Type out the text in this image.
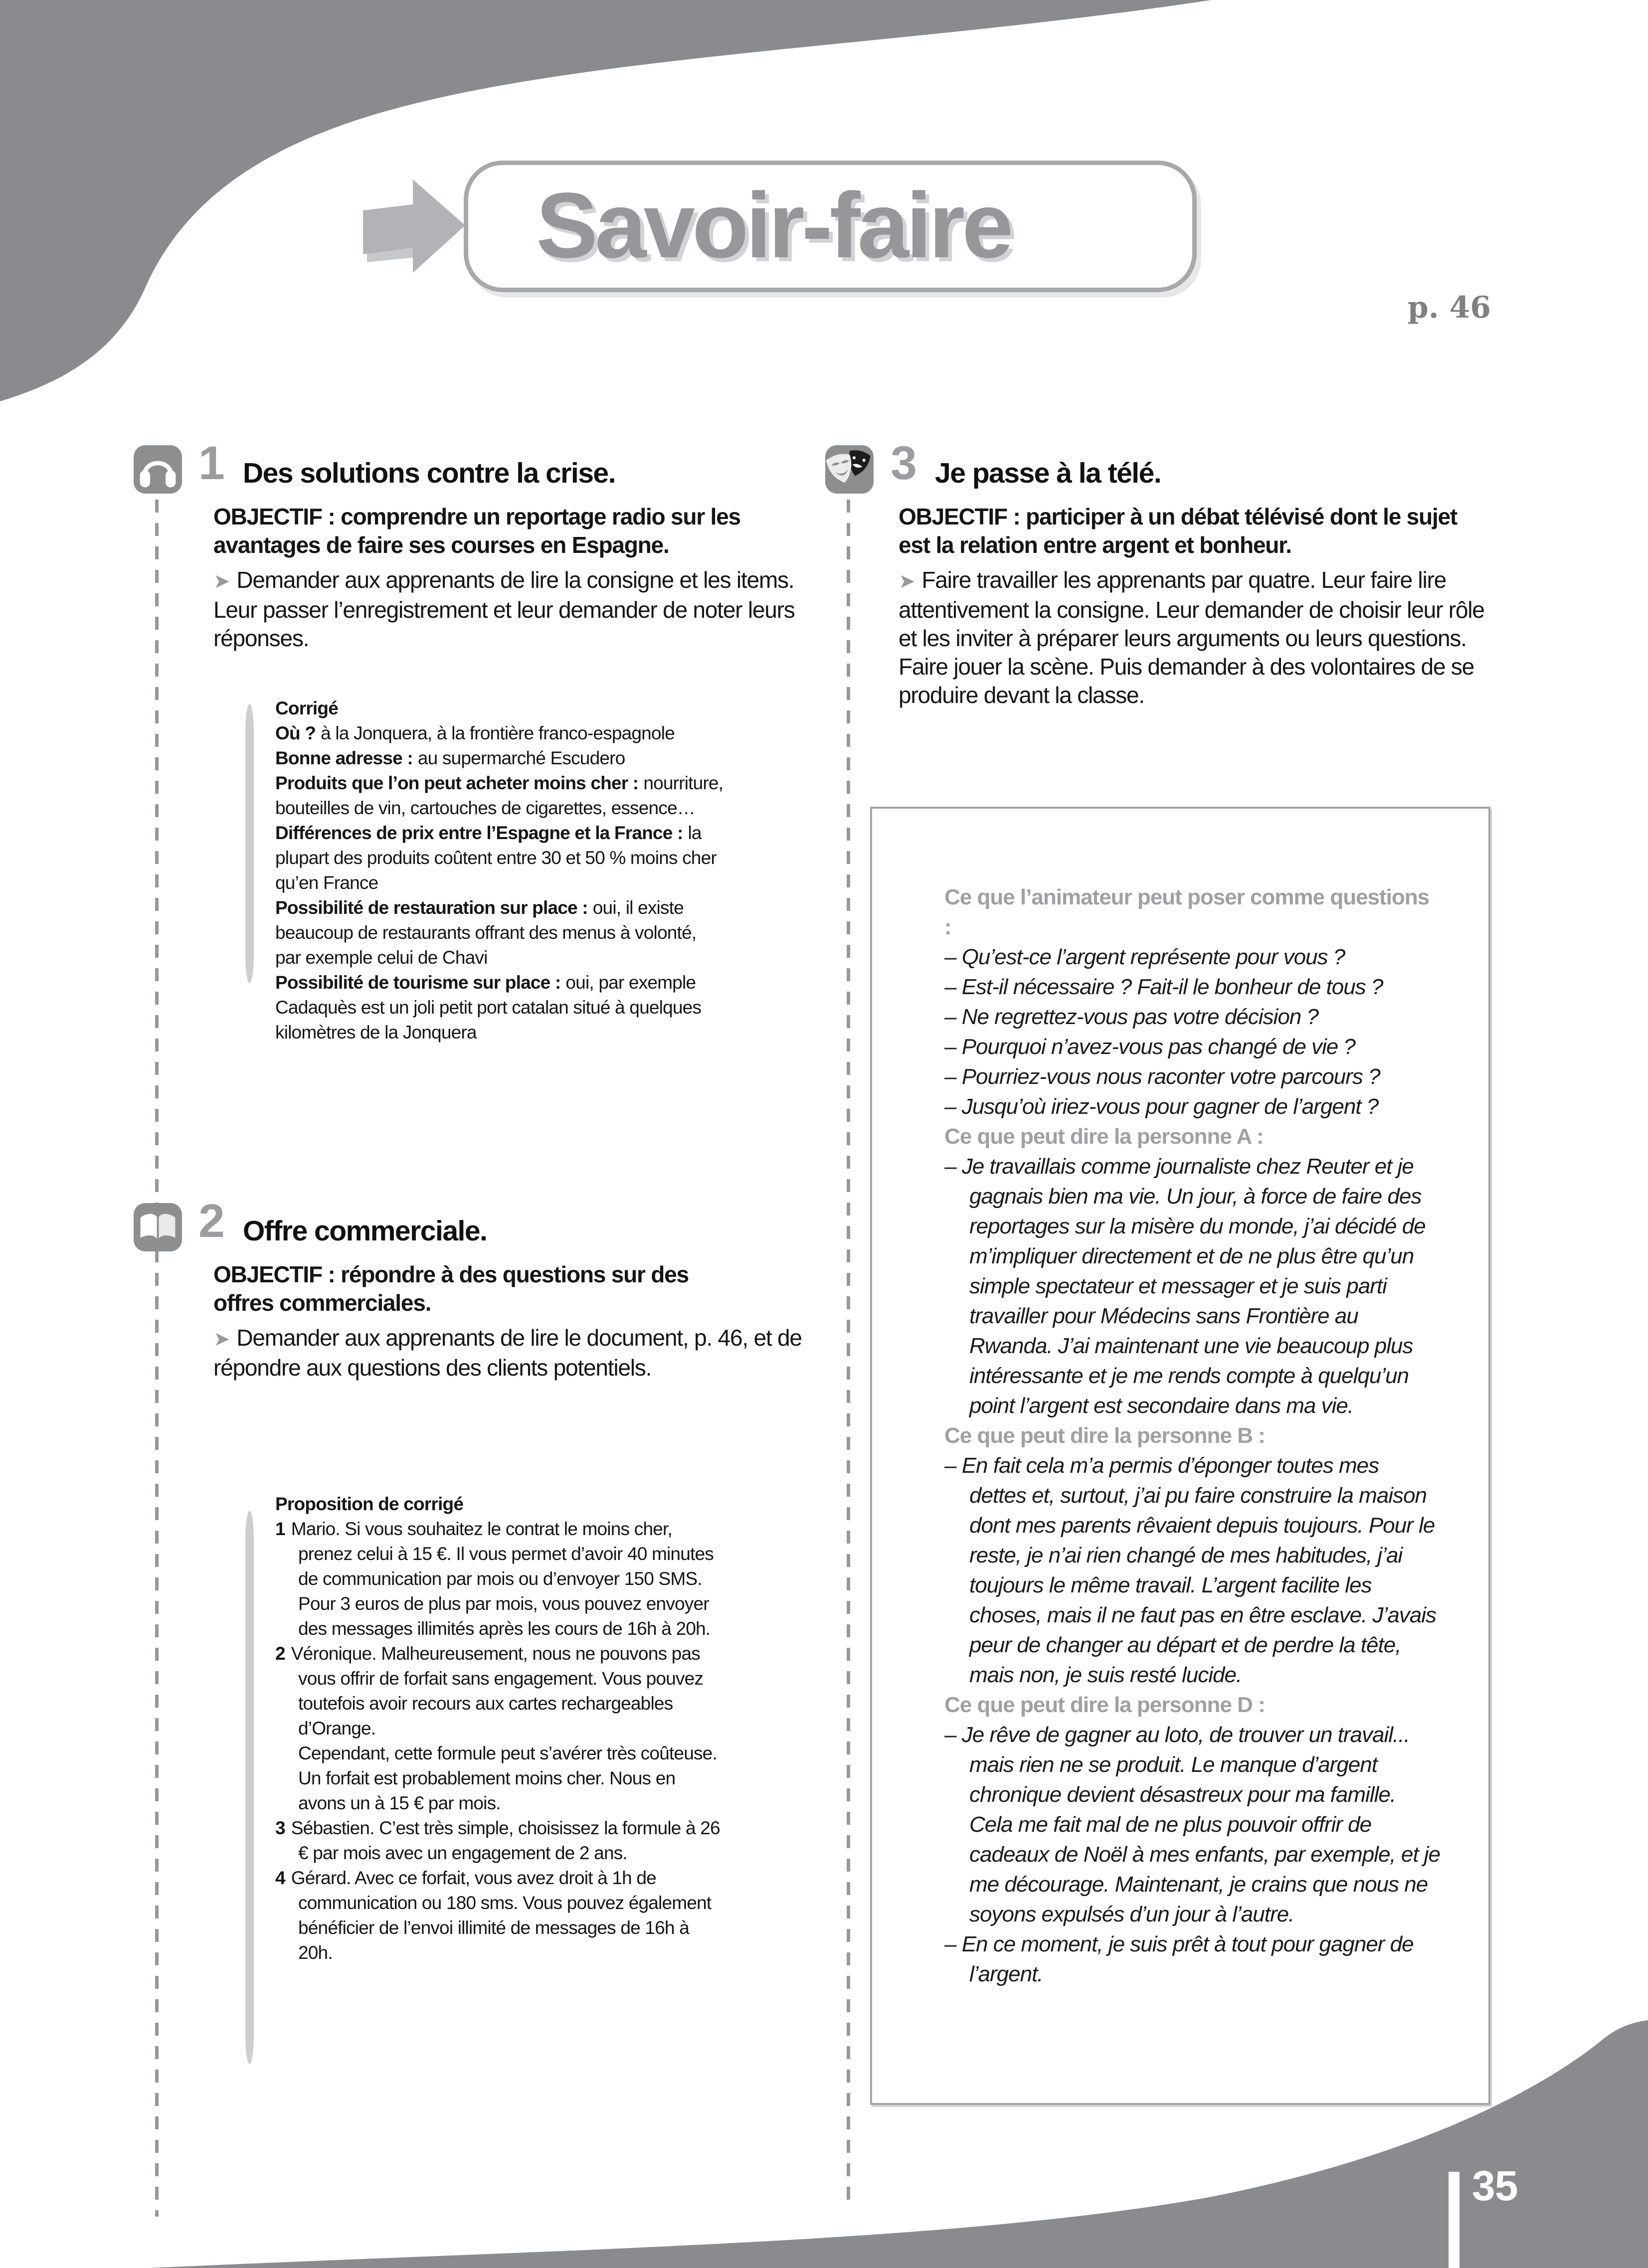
Savoir-faire
p. 46
1 Des solutions contre la crise.
OBJECTIF : comprendre un reportage radio sur les avantages de faire ses courses en Espagne.
➤ Demander aux apprenants de lire la consigne et les items. Leur passer l’enregistrement et leur demander de noter leurs réponses.
Corrigé
Où ? à la Jonquera, à la frontière franco-espagnole
Bonne adresse : au supermarché Escudero
Produits que l’on peut acheter moins cher : nourriture, bouteilles de vin, cartouches de cigarettes, essence…
Différences de prix entre l’Espagne et la France : la plupart des produits coûtent entre 30 et 50 % moins cher qu’en France
Possibilité de restauration sur place : oui, il existe beaucoup de restaurants offrant des menus à volonté, par exemple celui de Chavi
Possibilité de tourisme sur place : oui, par exemple Cadaquès est un joli petit port catalan situé à quelques kilomètres de la Jonquera
2 Offre commerciale.
OBJECTIF : répondre à des questions sur des offres commerciales.
➤ Demander aux apprenants de lire le document, p. 46, et de répondre aux questions des clients potentiels.
Proposition de corrigé
1 Mario. Si vous souhaitez le contrat le moins cher, prenez celui à 15 €. Il vous permet d’avoir 40 minutes de communication par mois ou d’envoyer 150 SMS. Pour 3 euros de plus par mois, vous pouvez envoyer des messages illimités après les cours de 16h à 20h.
2 Véronique. Malheureusement, nous ne pouvons pas vous offrir de forfait sans engagement. Vous pouvez toutefois avoir recours aux cartes rechargeables d’Orange.
Cependant, cette formule peut s’avérer très coûteuse. Un forfait est probablement moins cher. Nous en avons un à 15 € par mois.
3 Sébastien. C’est très simple, choisissez la formule à 26 € par mois avec un engagement de 2 ans.
4 Gérard. Avec ce forfait, vous avez droit à 1h de communication ou 180 sms. Vous pouvez également bénéficier de l’envoi illimité de messages de 16h à 20h.
3 Je passe à la télé.
OBJECTIF : participer à un débat télévisé dont le sujet est la relation entre argent et bonheur.
➤ Faire travailler les apprenants par quatre. Leur faire lire attentivement la consigne. Leur demander de choisir leur rôle et les inviter à préparer leurs arguments ou leurs questions. Faire jouer la scène. Puis demander à des volontaires de se produire devant la classe.
Ce que l’animateur peut poser comme questions :
– Qu’est-ce l’argent représente pour vous ?
– Est-il nécessaire ? Fait-il le bonheur de tous ?
– Ne regrettez-vous pas votre décision ?
– Pourquoi n’avez-vous pas changé de vie ?
– Pourriez-vous nous raconter votre parcours ?
– Jusqu’où iriez-vous pour gagner de l’argent ?
Ce que peut dire la personne A :
– Je travaillais comme journaliste chez Reuter et je gagnais bien ma vie. Un jour, à force de faire des reportages sur la misère du monde, j’ai décidé de m’impliquer directement et de ne plus être qu’un simple spectateur et messager et je suis parti travailler pour Médecins sans Frontière au Rwanda. J’ai maintenant une vie beaucoup plus intéressante et je me rends compte à quelqu’un point l’argent est secondaire dans ma vie.
Ce que peut dire la personne B :
– En fait cela m’a permis d’éponger toutes mes dettes et, surtout, j’ai pu faire construire la maison dont mes parents rêvaient depuis toujours. Pour le reste, je n’ai rien changé de mes habitudes, j’ai toujours le même travail. L’argent facilite les choses, mais il ne faut pas en être esclave. J’avais peur de changer au départ et de perdre la tête, mais non, je suis resté lucide.
Ce que peut dire la personne D :
– Je rêve de gagner au loto, de trouver un travail... mais rien ne se produit. Le manque d’argent chronique devient désastreux pour ma famille. Cela me fait mal de ne plus pouvoir offrir de cadeaux de Noël à mes enfants, par exemple, et je me décourage. Maintenant, je crains que nous ne soyons expulsés d’un jour à l’autre.
– En ce moment, je suis prêt à tout pour gagner de l’argent.
35
